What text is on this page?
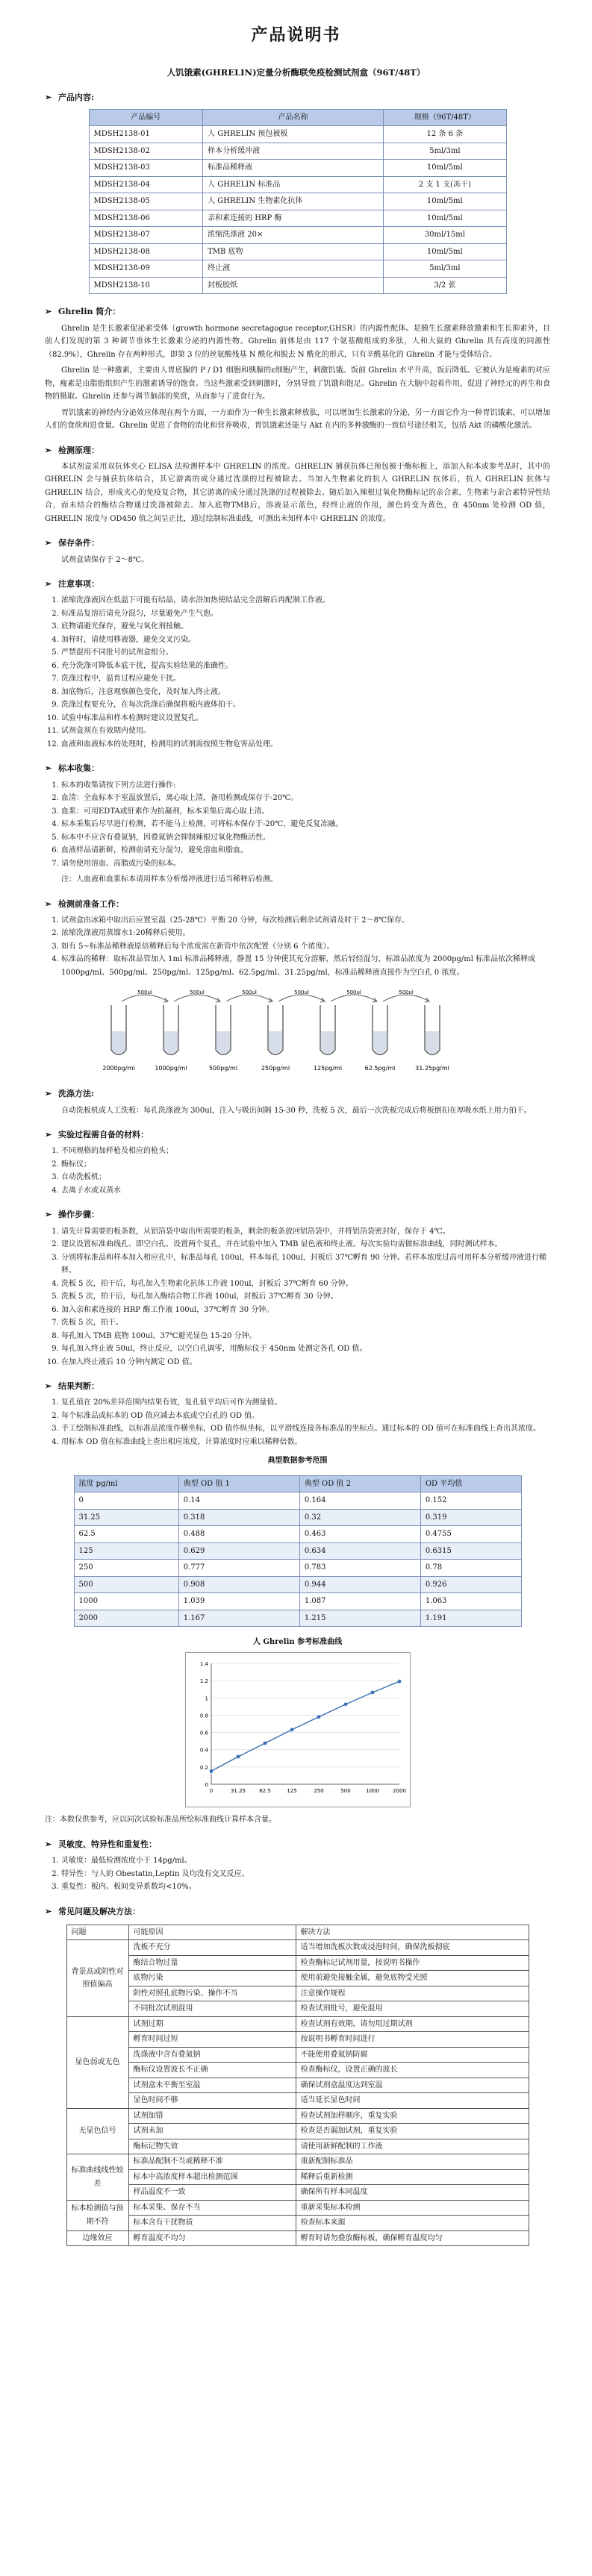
产品说明书
人饥饿素(GHRELIN)定量分析酶联免疫检测试剂盒（96T/48T）
➢ 产品内容:
产品编号	产品名称	规格（96T/48T）
MDSH2138-01	人 GHRELIN 预包被板	12 条 6 条
MDSH2138-02	样本分析缓冲液	5ml/3ml
MDSH2138-03	标准品稀释液	10ml/5ml
MDSH2138-04	人 GHRELIN 标准品	2 支 1 支(冻干)
MDSH2138-05	人 GHRELIN 生物素化抗体	10ml/5ml
MDSH2138-06	亲和素连接的 HRP 酶	10ml/5ml
MDSH2138-07	浓缩洗涤液 20×	30ml/15ml
MDSH2138-08	TMB 底物	10ml/5ml
MDSH2138-09	终止液	5ml/3ml
MDSH2138-10	封板胶纸	3/2 张
➢ Ghrelin 简介：

Ghrelin 是生长激素促泌素受体（growth hormone secretagogue receptor,GHSR）的内源性配体。是胰生长激素释放激素和生长抑素外，目前人们发现的第 3 种调节垂体生长激素分泌的内源性物。Ghrelin 前体是由 117 个氨基酸组成的多肽，人和大鼠的 Ghrelin 具有高度的同源性（82.9%），Ghrelin 存在两种形式，即第 3 位的丝氨酸残基 N 酰化和脱去 N 酰化的形式，只有辛酰基化的 Ghrelin 才能与受体结合。

Ghrelin 是一种激素，主要由人胃底腺的 P / D1 细胞和胰腺的ε细胞产生，刺激饥饿。饭前 Ghrelin 水平升高，饭后降低。它被认为是瘦素的对应物，瘦素是由脂肪组织产生的激素诱导的饱食。当这些激素受到刺激时，分别导致了饥饿和饱足。Ghrelin 在大脑中起着作用，促进了神经元的再生和食物的摄取。Ghrelin 还参与调节脑部的奖赏，从而参与了进食行为。

胃饥饿素的神经内分泌效应体现在两个方面，一方面作为一种生长激素释放肽，可以增加生长激素的分泌，另一方面它作为一种胃饥饿素，可以增加人们的食欲和进食量。Ghrelin 促进了食物的消化和营养吸收，胃饥饿素还能与 Akt 在内的多种激酶的一致信号途径相关，包括 Akt 的磷酸化激活。

➢ 检测原理：

本试剂盒采用双抗体夹心 ELISA 法检测样本中 GHRELIN 的浓度。GHRELIN 捕获抗体已预包被于酶标板上，添加入标本或参考品时，其中的 GHRELIN 会与捕获抗体结合，其它游离的成分通过洗涤的过程被除去。当加入生物素化的抗人 GHRELIN 抗体后，抗人 GHRELIN 抗体与 GHRELIN 结合，形成夹心的免疫复合物，其它游离的成分通过洗涤的过程被除去。随后加入辣根过氧化物酶标记的亲合素，生物素与亲合素特异性结合，而未结合的酶结合物通过洗涤被除去。加入底物TMB后，溶液显示蓝色，经终止液的作用，颜色转变为黄色，在 450nm 处检测 OD 值，GHRELIN 浓度与 OD450 值之间呈正比，通过绘制标准曲线，可测出未知样本中 GHRELIN 的浓度。

➢ 保存条件：
试剂盒请保存于 2～8℃。
➢ 注意事项：
1. 浓缩洗涤液因在低温下可能有结晶，请水浴加热使结晶完全溶解后再配制工作液。
2. 标准品复溶后请充分混匀，尽量避免产生气泡。
3. 底物请避光保存，避免与氧化剂接触。
4. 加样时，请使用移液器，避免交叉污染。
5. 严禁混用不同批号的试剂盒组分。
6. 充分洗涤可降低本底干扰，提高实验结果的准确性。
7. 洗涤过程中，温育过程应避免干扰。
8. 加底物后，注意观察颜色变化，及时加入终止液。
9. 洗涤过程要充分，在每次洗涤后确保将板内液体拍干。
10. 试验中标准品和样本检测时建议设置复孔。
11. 试剂盒须在有效期内使用。
12. 血液和血液标本的处理时，检测用的试剂需按照生物危害品处理。
➢ 标本收集：
1. 标本的收集请按下列方法进行操作:
2. 血清：全血标本于室温放置后，离心取上清，备用检测或保存于-20℃。
3. 血浆：可用EDTA或肝素作为抗凝剂，标本采集后离心取上清。
4. 标本采集后尽早进行检测，若不能马上检测，可将标本保存于-20℃，避免反复冻融。
5. 标本中不应含有叠氮钠，因叠氮钠会抑制辣根过氧化物酶活性。
6. 血液样品请新鲜，检测前请充分混匀，避免溶血和脂血。
7. 请勿使用溶血、高脂或污染的标本。
注：人血液和血浆标本请用样本分析缓冲液进行适当稀释后检测。
➢ 检测前准备工作：
1. 试剂盒由冰箱中取出后应置室温（25-28℃）平衡 20 分钟，每次检测后剩余试剂请及时于 2～8℃保存。
2. 浓缩洗涤液用蒸馏水1:20稀释后使用。
3. 如有 5~标准品稀释液原倍稀释后每个浓度需在新管中依次配置（分别 6 个浓度）。
4. 标准品的稀释：取标准品管加入 1ml 标准品稀释液，静置 15 分钟使其充分溶解，然后轻轻混匀，标准品浓度为 2000pg/ml 标准品依次稀释成 1000pg/ml、500pg/ml、250pg/ml、125pg/ml、62.5pg/ml、31.25pg/ml，标准品稀释液直接作为空白孔 0 浓度。
2000pg/ml
500ul
1000pg/ml
500ul
500pg/ml
500ul
250pg/ml
500ul
125pg/ml
500ul
62.5pg/ml
500ul
31.25pg/ml
➢ 洗涤方法:
自动洗板机或人工洗板：每孔洗涤液为 300ul，注入与吸出间隔 15-30 秒，洗板 5 次，最后一次洗板完成后将板倒扣在厚吸水纸上用力拍干。
➢ 实验过程需自备的材料：
1. 不同规格的加样枪及相应的枪头；
2. 酶标仪；
3. 自动洗板机；
4. 去离子水或双蒸水
➢ 操作步骤：
1. 请先计算需要的板条数，从铝箔袋中取出所需要的板条，剩余的板条放回铝箔袋中，并将铝箔袋密封好，保存于 4℃。
2. 建议设置标准曲线孔、即空白孔、设置两个复孔，并在试验中加入 TMB 显色液和终止液。每次实验均需做标准曲线，同时测试样本。
3. 分别将标准品和样本加入相应孔中，标准品每孔 100ul，样本每孔 100ul，封板后 37℃孵育 90 分钟。若样本浓度过高可用样本分析缓冲液进行稀释。
4. 洗板 5 次，拍干后，每孔加入生物素化抗体工作液 100ul，封板后 37℃孵育 60 分钟。
5. 洗板 5 次，拍干后，每孔加入酶结合物工作液 100ul，封板后 37℃孵育 30 分钟。
6. 加入亲和素连接的 HRP 酶工作液 100ul，37℃孵育 30 分钟。
7. 洗板 5 次，拍干。
8. 每孔加入 TMB 底物 100ul，37℃避光显色 15-20 分钟。
9. 每孔加入终止液 50ul，终止反应，以空白孔调零，用酶标仪于 450nm 处测定各孔 OD 值。
10. 在加入终止液后 10 分钟内测定 OD 值。
➢ 结果判断：
1. 复孔值在 20%差异范围内结果有效，复孔值平均后可作为测量值。
2. 每个标准品或标本的 OD 值应减去本底或空白孔的 OD 值。
3. 手工绘制标准曲线，以标准品浓度作横坐标，OD 值作纵坐标，以平滑线连接各标准品的坐标点。通过标本的 OD 值可在标准曲线上查出其浓度。
4. 用标本 OD 值在标准曲线上查出相应浓度，计算浓度时应乘以稀释倍数。
典型数据参考范围
浓度 pg/ml	典型 OD 值 1	典型 OD 值 2	OD 平均值
0	0.14	0.164	0.152
31.25	0.318	0.32	0.319
62.5	0.488	0.463	0.4755
125	0.629	0.634	0.6315
250	0.777	0.783	0.78
500	0.908	0.944	0.926
1000	1.039	1.087	1.063
2000	1.167	1.215	1.191
人 Ghrelin 参考标准曲线
0
0.2
0.4
0.6
0.8
1
1.2
1.4
0	31.25	62.5	125	250	500	1000	2000
注：本数仅供参考，应以同次试验标准品所绘标准曲线计算样本含量。
➢ 灵敏度、特异性和重复性：
1. 灵敏度：最低检测浓度小于 14pg/ml。
2. 特异性：与人的 Obestatin,Leptin 及均没有交叉反应。
3. 重复性：板内、板间变异系数均<10%。
➢ 常见问题及解决方法：
问题	可能原因	解决方法
背景高或阴性对照值偏高	洗板不充分	适当增加洗板次数或浸泡时间，确保洗板彻底
	酶结合物过量	检查酶标记试剂用量，按说明书操作
	底物污染	使用前避免接触金属，避免底物受光照
	阴性对照孔底物污染、操作不当	注意操作规程
	不同批次试剂混用	检查试剂批号，避免混用
显色弱或无色	试剂过期	检查试剂有效期，请勿用过期试剂
	孵育时间过短	按说明书孵育时间进行
	洗涤液中含有叠氮钠	不能使用叠氮钠防腐
	酶标仪设置波长不正确	检查酶标仪，设置正确的波长
	试剂盒未平衡至室温	确保试剂盒温度达到室温
	显色时间不够	适当延长显色时间
无显色信号	试剂加错	检查试剂加样顺序，重复实验
	试剂未加	检查是否漏加试剂，重复实验
	酶标记物失效	请使用新鲜配制的工作液
标准曲线线性较差	标准品配制不当或稀释不准	重新配制标准品
	标本中高浓度样本超出检测范围	稀释后重新检测
	样品温度不一致	确保所有样本同温度
标本检测值与预期不符	标本采集、保存不当	重新采集标本检测
	标本含有干扰物质	检查标本来源
边缘效应	孵育温度不均匀	孵育时请勿叠放酶标板，确保孵育温度均匀
